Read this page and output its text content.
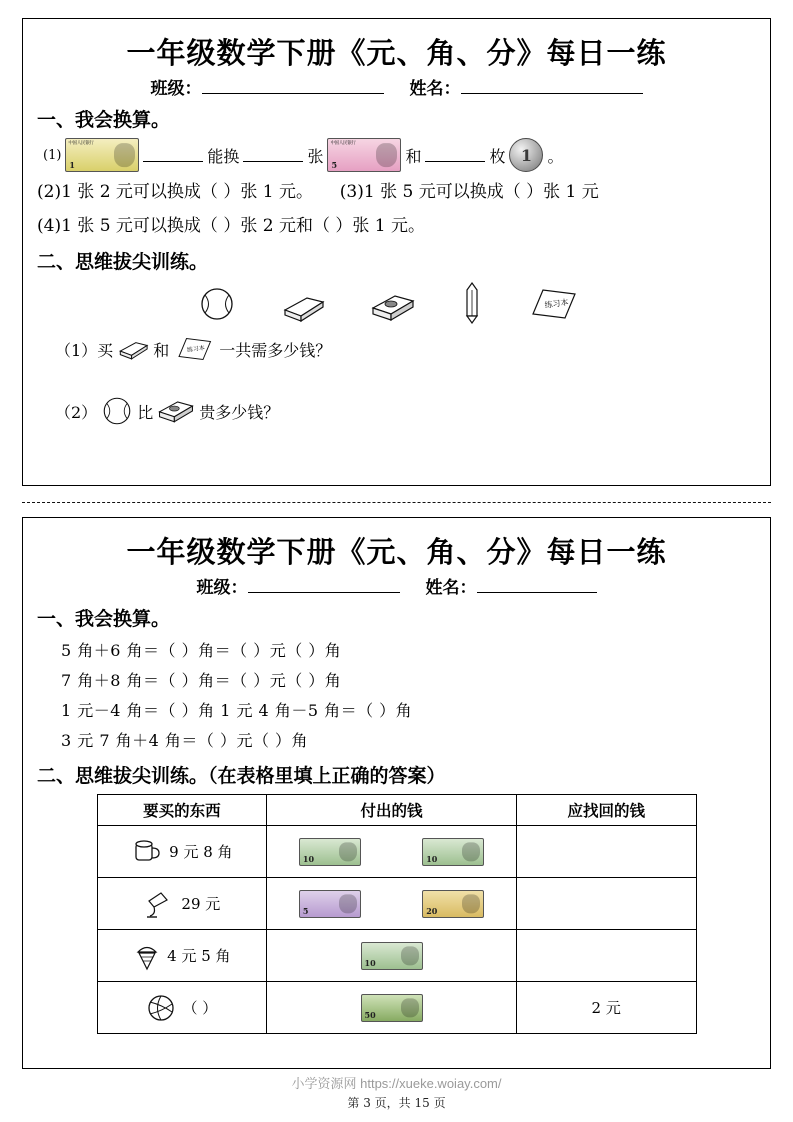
一年级数学下册《元、角、分》每日一练
班级：	姓名：
一、我会换算。
(1)
中国人民银行
1	能换	张
中国人民银行
5	和	枚 1	。
(2)1 张 2 元可以换成（ ）张 1 元。 (3)1 张 5 元可以换成（ ）张 1 元
(4)1 张 5 元可以换成（ ）张 2 元和（ ）张 1 元。
二、思维拔尖训练。
练习本
（1）买	和 练习本 一共需多少钱？
（2）	比	贵多少钱？
一年级数学下册《元、角、分》每日一练
班级：	姓名：
一、我会换算。
5 角＋6 角＝（ ）角＝（ ）元（ ）角
7 角＋8 角＝（ ）角＝（ ）元（ ）角
1 元－4 角＝（ ）角 1 元 4 角－5 角＝（ ）角
3 元 7 角＋4 角＝（ ）元（ ）角
二、思维拔尖训练。（在表格里填上正确的答案）
要买的东西	付出的钱	应找回的钱

9 元 8 角	10 10	

29 元	5 20	

4 元 5 角	10	

（ ）	50	2 元
小学资源网 https://xueke.woiay.com/
第 3 页，共 15 页
